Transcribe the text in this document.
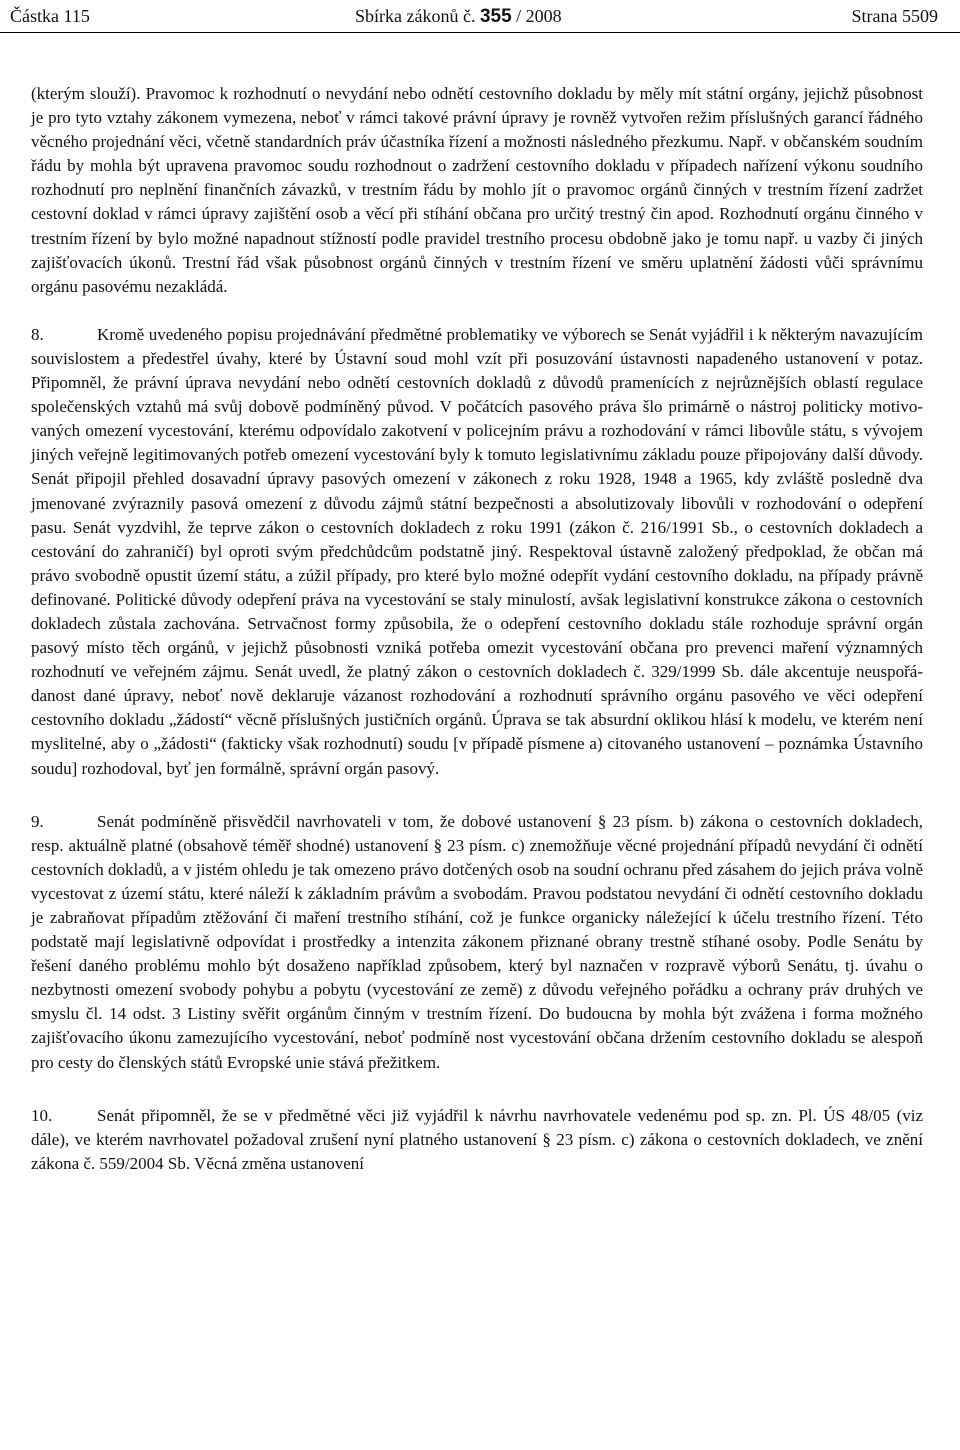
Částka 115	Sbírka zákonů č. 355 / 2008	Strana 5509

(kterým slouží). Pravomoc k rozhodnutí o nevydání nebo odnětí cestovního dokladu by měly mít státní orgány, jejichž působnost je pro tyto vztahy zákonem vymezena, neboť v rámci takové právní úpravy je rovněž vytvořen režim příslušných garancí řádného věcného projednání věci, včetně standardních práv účastníka řízení a možnosti následného přezkumu. Např. v občanském soudním řádu by mohla být upravena pravomoc soudu rozhodnout o zadržení cestovního dokladu v případech nařízení výkonu soudního rozhodnutí pro neplnění finančních závazků, v trestním řádu by mohlo jít o pravomoc orgánů činných v trestním řízení zadržet cestovní doklad v rámci úpravy zajištění osob a věcí při stíhání občana pro určitý trestný čin apod. Rozhodnutí orgánu činného v trestním řízení by bylo možné napadnout stížností podle pravidel trestního procesu obdobně jako je tomu např. u vazby či jiných zajišťovacích úkonů. Trestní řád však působnost orgánů činných v trestním řízení ve směru uplatnění žádosti vůči správnímu orgánu pasovému nezakládá.

8.	Kromě uvedeného popisu projednávání předmětné problematiky ve výborech se Senát vyjádřil i k některým navazujícím souvislostem a předestřel úvahy, které by Ústavní soud mohl vzít při posuzování ústavnosti napadeného ustanovení v potaz. Připomněl, že právní úprava nevydání nebo odnětí cestovních dokladů z důvodů pramenících z nejrůznějších oblastí regulace společenských vztahů má svůj dobově podmíněný původ. V počátcích pasového práva šlo primárně o nástroj politicky motivovaných omezení vycestování, kterému odpovídalo zakotvení v policejním právu a rozhodování v rámci libovůle státu, s vývojem jiných veřejně legitimovaných potřeb omezení vycestování byly k tomuto legislativnímu základu pouze připojovány další důvody. Senát připojil přehled dosavadní úpravy pasových omezení v zákonech z roku 1928, 1948 a 1965, kdy zvláště posledně dva jmenované zvýraznily pasová omezení z důvodu zájmů státní bezpečnosti a absolutizovaly libovůli v rozhodování o odepření pasu. Senát vyzdvihl, že teprve zákon o cestovních dokladech z roku 1991 (zákon č. 216/1991 Sb., o cestovních dokladech a cestování do zahraničí) byl oproti svým předchůdcům podstatně jiný. Respektoval ústavně založený předpoklad, že občan má právo svobodně opustit území státu, a zúžil případy, pro které bylo možné odepřít vydání cestovního dokladu, na případy právně definované. Politické důvody odepření práva na vycestování se staly minulostí, avšak legislativní konstrukce zákona o cestovních dokladech zůstala zachována. Setrvačnost formy způsobila, že o odepření cestovního dokladu stále rozhoduje správní orgán pasový místo těch orgánů, v jejichž působnosti vzniká potřeba omezit vycestování občana pro prevenci maření významných rozhodnutí ve veřejném zájmu. Senát uvedl, že platný zákon o cestovních dokladech č. 329/1999 Sb. dále akcentuje neuspořádanost dané úpravy, neboť nově deklaruje vázanost rozhodování a rozhodnutí správního orgánu pasového ve věci odepření cestovního dokladu „žádostí“ věcně příslušných justičních orgánů. Úprava se tak absurdní oklikou hlásí k modelu, ve kterém není myslitelné, aby o „žádosti“ (fakticky však rozhodnutí) soudu [v případě písmene a) citovaného ustanovení – poznámka Ústavního soudu] rozhodoval, byť jen formálně, správní orgán pasový.

9.	Senát podmíněně přisvědčil navrhovateli v tom, že dobové ustanovení § 23 písm. b) zákona o cestovních dokladech, resp. aktuálně platné (obsahově téměř shodné) ustanovení § 23 písm. c) znemožňuje věcné projednání případů nevydání či odnětí cestovních dokladů, a v jistém ohledu je tak omezeno právo dotčených osob na soudní ochranu před zásahem do jejich práva volně vycestovat z území státu, které náleží k základním právům a svobodám. Pravou podstatou nevydání či odnětí cestovního dokladu je zabraňovat případům ztěžování či maření trestního stíhání, což je funkce organicky náležející k účelu trestního řízení. Této podstatě mají legislativně odpovídat i prostředky a intenzita zákonem přiznané obrany trestně stíhané osoby. Podle Senátu by řešení daného problému mohlo být dosaženo například způsobem, který byl naznačen v rozpravě výborů Senátu, tj. úvahu o nezbytnosti omezení svobody pohybu a pobytu (vycestování ze země) z důvodu veřejného pořádku a ochrany práv druhých ve smyslu čl. 14 odst. 3 Listiny svěřit orgánům činným v trestním řízení. Do budoucna by mohla být zvážena i forma možného zajišťovacího úkonu zamezujícího vycestování, neboť podmíně nost vycestování občana držením cestovního dokladu se alespoň pro cesty do členských států Evropské unie stává přežitkem.

10.	Senát připomněl, že se v předmětné věci již vyjádřil k návrhu navrhovatele vedenému pod sp. zn. Pl. ÚS 48/05 (viz dále), ve kterém navrhovatel požadoval zrušení nyní platného ustanovení § 23 písm. c) zákona o cestovních dokladech, ve znění zákona č. 559/2004 Sb. Věcná změna ustanovení
